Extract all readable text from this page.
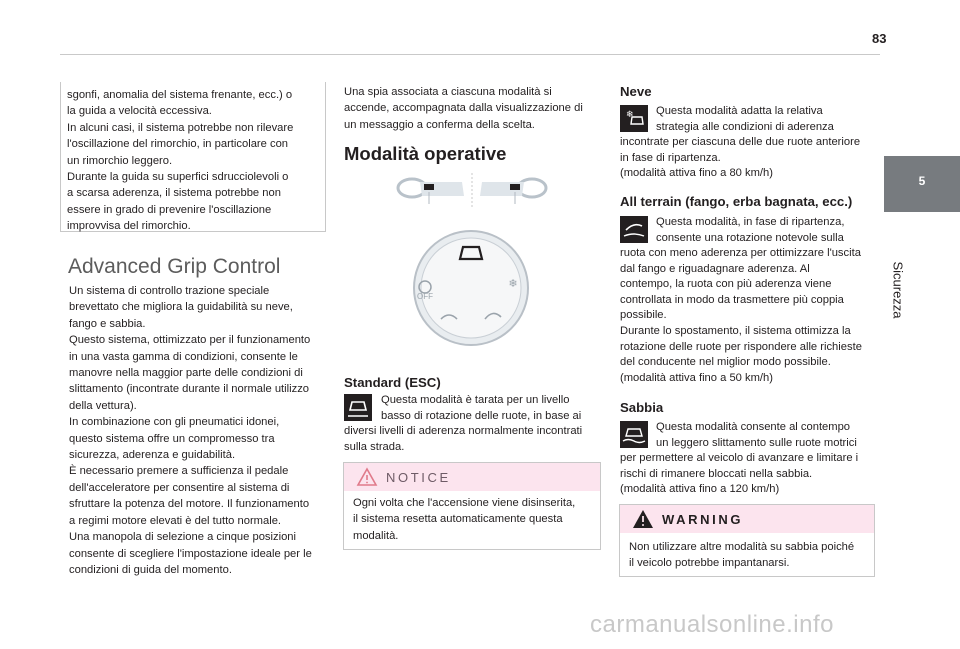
83
5
Sicurezza
sgonfi, anomalia del sistema frenante, ecc.) o
la guida a velocità eccessiva.
In alcuni casi, il sistema potrebbe non rilevare
l'oscillazione del rimorchio, in particolare con
un rimorchio leggero.
Durante la guida su superfici sdrucciolevoli o
a scarsa aderenza, il sistema potrebbe non
essere in grado di prevenire l'oscillazione
improvvisa del rimorchio.
Advanced Grip Control
Un sistema di controllo trazione speciale
brevettato che migliora la guidabilità su neve,
fango e sabbia.
Questo sistema, ottimizzato per il funzionamento
in una vasta gamma di condizioni, consente le
manovre nella maggior parte delle condizioni di
slittamento (incontrate durante il normale utilizzo
della vettura).
In combinazione con gli pneumatici idonei,
questo sistema offre un compromesso tra
sicurezza, aderenza e guidabilità.
È necessario premere a sufficienza il pedale
dell'acceleratore per consentire al sistema di
sfruttare la potenza del motore. Il funzionamento
a regimi motore elevati è del tutto normale.
Una manopola di selezione a cinque posizioni
consente di scegliere l'impostazione ideale per le
condizioni di guida del momento.
Una spia associata a ciascuna modalità si
accende, accompagnata dalla visualizzazione di
un messaggio a conferma della scelta.
Modalità operative
OFF
❄
Standard (ESC)
Questa modalità è tarata per un livello
basso di rotazione delle ruote, in base ai
diversi livelli di aderenza normalmente incontrati
sulla strada.
NOTICE
Ogni volta che l'accensione viene disinserita,
il sistema resetta automaticamente questa
modalità.
Neve
❄ Questa modalità adatta la relativa
strategia alle condizioni di aderenza
incontrate per ciascuna delle due ruote anteriore
in fase di ripartenza.
(modalità attiva fino a 80 km/h)
All terrain (fango, erba bagnata, ecc.)
Questa modalità, in fase di ripartenza,
consente una rotazione notevole sulla
ruota con meno aderenza per ottimizzare l'uscita
dal fango e riguadagnare aderenza. Al
contempo, la ruota con più aderenza viene
controllata in modo da trasmettere più coppia
possibile.
Durante lo spostamento, il sistema ottimizza la
rotazione delle ruote per rispondere alle richieste
del conducente nel miglior modo possibile.
(modalità attiva fino a 50 km/h)
Sabbia
Questa modalità consente al contempo
un leggero slittamento sulle ruote motrici
per permettere al veicolo di avanzare e limitare i
rischi di rimanere bloccati nella sabbia.
(modalità attiva fino a 120 km/h)
WARNING
Non utilizzare altre modalità su sabbia poiché
il veicolo potrebbe impantanarsi.
carmanualsonline.info
